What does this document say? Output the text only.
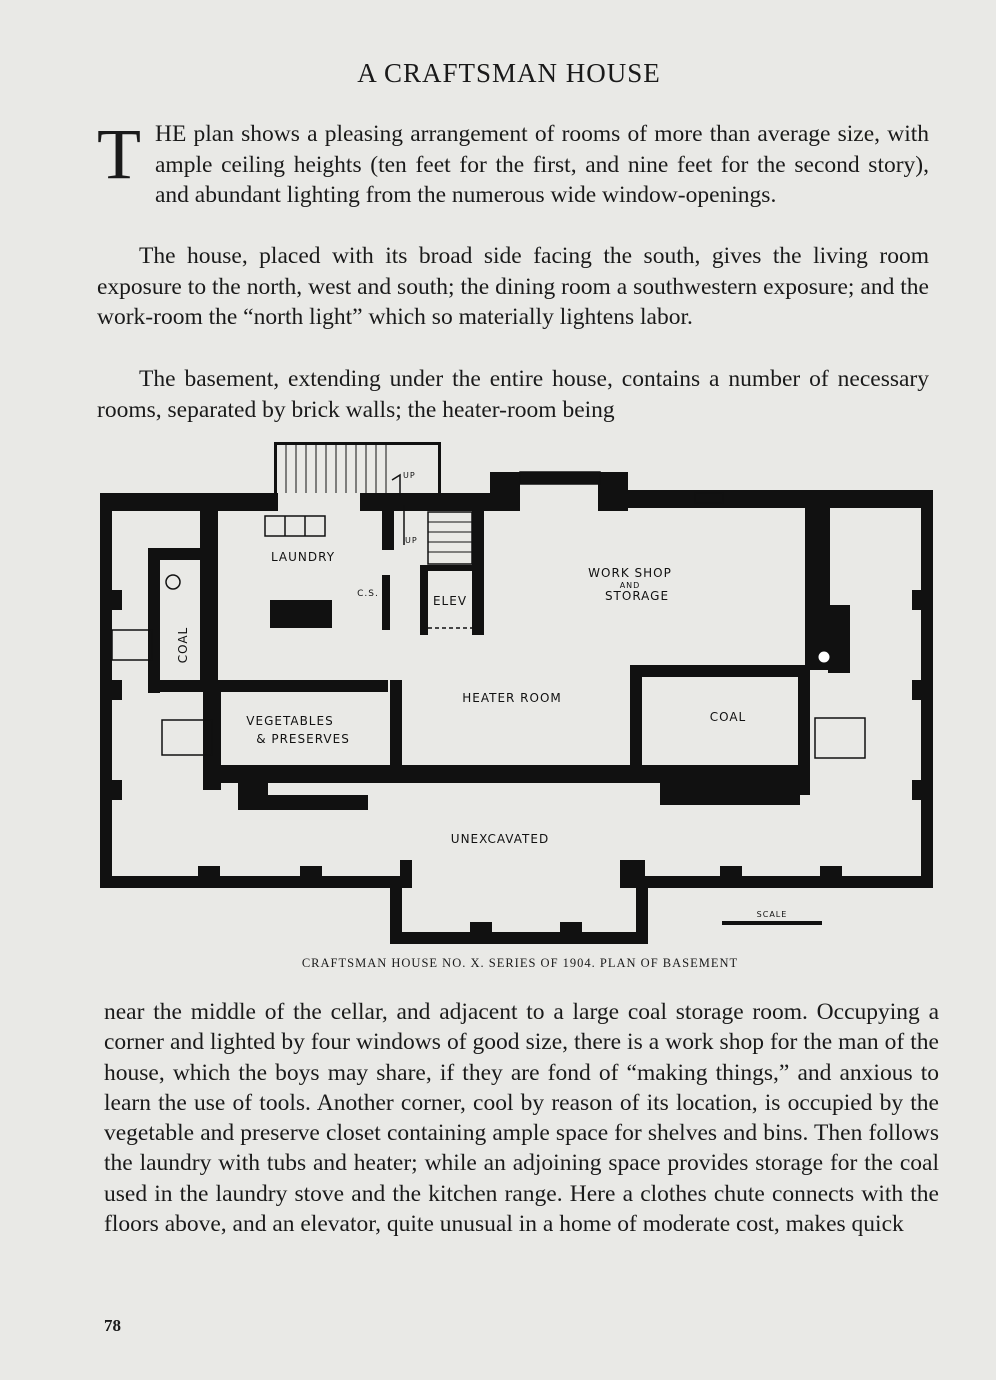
A CRAFTSMAN HOUSE

THE plan shows a pleasing arrangement of rooms of more than average size, with ample ceiling heights (ten feet for the first, and nine feet for the second story), and abundant lighting from the numerous wide window-openings.

The house, placed with its broad side facing the south, gives the living room exposure to the north, west and south; the dining room a southwestern exposure; and the work-room the “north light” which so materially lightens labor.

The basement, extending under the entire house, contains a number of necessary rooms, separated by brick walls; the heater-room being

LAUNDRY
WORK SHOP
AND
STORAGE
COAL
C.S.	ELEV
UP
UP
HEATER ROOM
VEGETABLES
& PRESERVES
COAL
UNEXCAVATED
SCALE
CRAFTSMAN HOUSE NO. X. SERIES OF 1904. PLAN OF BASEMENT

near the middle of the cellar, and adjacent to a large coal storage room. Occupying a corner and lighted by four windows of good size, there is a work shop for the man of the house, which the boys may share, if they are fond of “making things,” and anxious to learn the use of tools. Another corner, cool by reason of its location, is occupied by the vegetable and preserve closet containing ample space for shelves and bins. Then follows the laundry with tubs and heater; while an adjoining space provides storage for the coal used in the laundry stove and the kitchen range. Here a clothes chute connects with the floors above, and an elevator, quite unusual in a home of moderate cost, makes quick

78
